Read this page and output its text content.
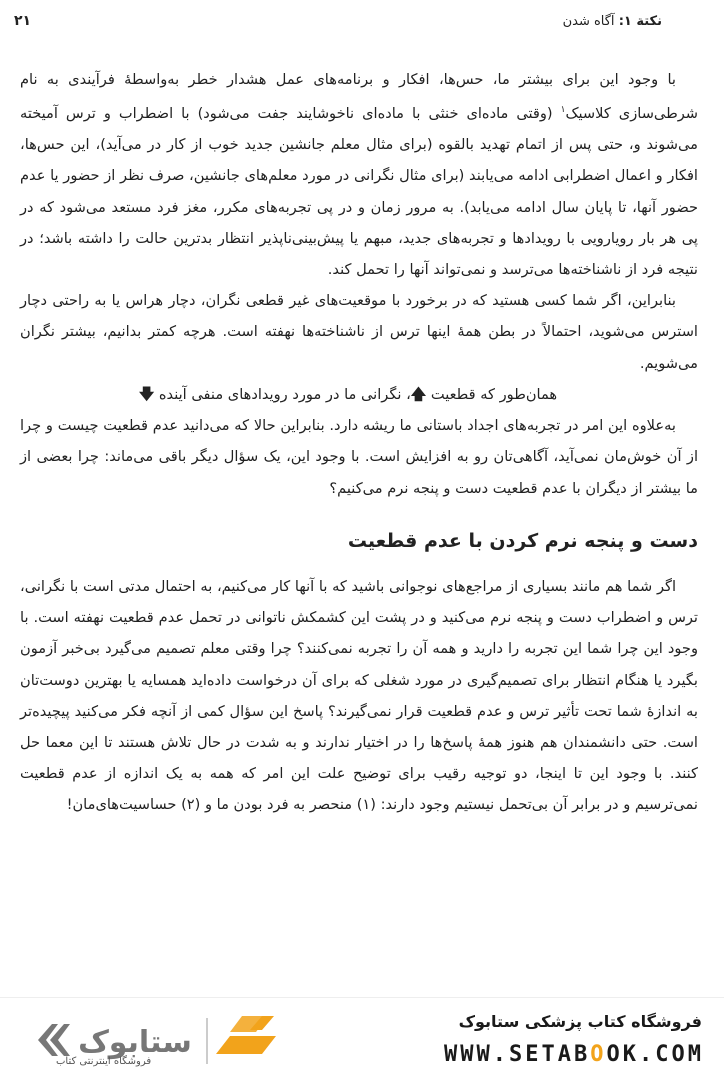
نکتة ۱: آگاه شدن
۲۱

با وجود این برای بیشتر ما، حس‌ها، افکار و برنامه‌های عمل هشدار خطر به‌واسطهٔ فرآیندی به نام شرطی‌سازی کلاسیک$^۱$ (وقتی ماده‌ای خنثی با ماده‌ای ناخوشایند جفت می‌شود) با اضطراب و ترس آمیخته می‌شوند و، حتی پس از اتمام تهدید بالقوه (برای مثال معلم جانشین جدید خوب از کار در می‌آید)، این حس‌ها، افکار و اعمال اضطرابی ادامه می‌یابند (برای مثال نگرانی در مورد معلم‌های جانشین، صرف نظر از حضور یا عدم حضور آنها، تا پایان سال ادامه می‌یابد). به مرور زمان و در پی تجربه‌های مکرر، مغز فرد مستعد می‌شود که در پی هر بار رویارویی با رویدادها و تجربه‌های جدید، مبهم یا پیش‌بینی‌ناپذیر انتظار بدترین حالت را داشته باشد؛ در نتیجه فرد از ناشناخته‌ها می‌ترسد و نمی‌تواند آنها را تحمل کند.

بنابراین، اگر شما کسی هستید که در برخورد با موقعیت‌های غیر قطعی نگران، دچار هراس یا به راحتی دچار استرس می‌شوید، احتمالاً در بطن همهٔ اینها ترس از ناشناخته‌ها نهفته است. هرچه کمتر بدانیم، بیشتر نگران می‌شویم.

همان‌طور که قطعیت 🡅، نگرانی ما در مورد رویدادهای منفی آینده 🡇

به‌علاوه این امر در تجربه‌های اجداد باستانی ما ریشه دارد. بنابراین حالا که می‌دانید عدم قطعیت چیست و چرا از آن خوش‌مان نمی‌آید، آگاهی‌تان رو به افزایش است. با وجود این، یک سؤال دیگر باقی می‌ماند: چرا بعضی از ما بیشتر از دیگران با عدم قطعیت دست و پنجه نرم می‌کنیم؟

دست و پنجه نرم کردن با عدم قطعیت

اگر شما هم مانند بسیاری از مراجع‌های نوجوانی باشید که با آنها کار می‌کنیم، به احتمال مدتی است با نگرانی، ترس و اضطراب دست و پنجه نرم می‌کنید و در پشت این کشمکش ناتوانی در تحمل عدم قطعیت نهفته است. با وجود این چرا شما این تجربه را دارید و همه آن را تجربه نمی‌کنند؟ چرا وقتی معلم تصمیم می‌گیرد بی‌خبر آزمون بگیرد یا هنگام انتظار برای تصمیم‌گیری در مورد شغلی که برای آن درخواست داده‌اید همسایه یا بهترین دوست‌تان به اندازهٔ شما تحت تأثیر ترس و عدم قطعیت قرار نمی‌گیرند؟ پاسخ این سؤال کمی از آنچه فکر می‌کنید پیچیده‌تر است. حتی دانشمندان هم هنوز همهٔ پاسخ‌ها را در اختیار ندارند و به شدت در حال تلاش هستند تا این معما حل کنند. با وجود این تا اینجا، دو توجیه رقیب برای توضیح علت این امر که همه به یک اندازه از عدم قطعیت نمی‌ترسیم و در برابر آن بی‌تحمل نیستیم وجود دارند: (۱) منحصر به فرد بودن ما و (۲) حساسیت‌های‌مان!

ستابوک
فروشگاه اینترنتی کتاب
فروشگاه کتاب پزشکی ستابوک
WWW.SETABOOK.COM
